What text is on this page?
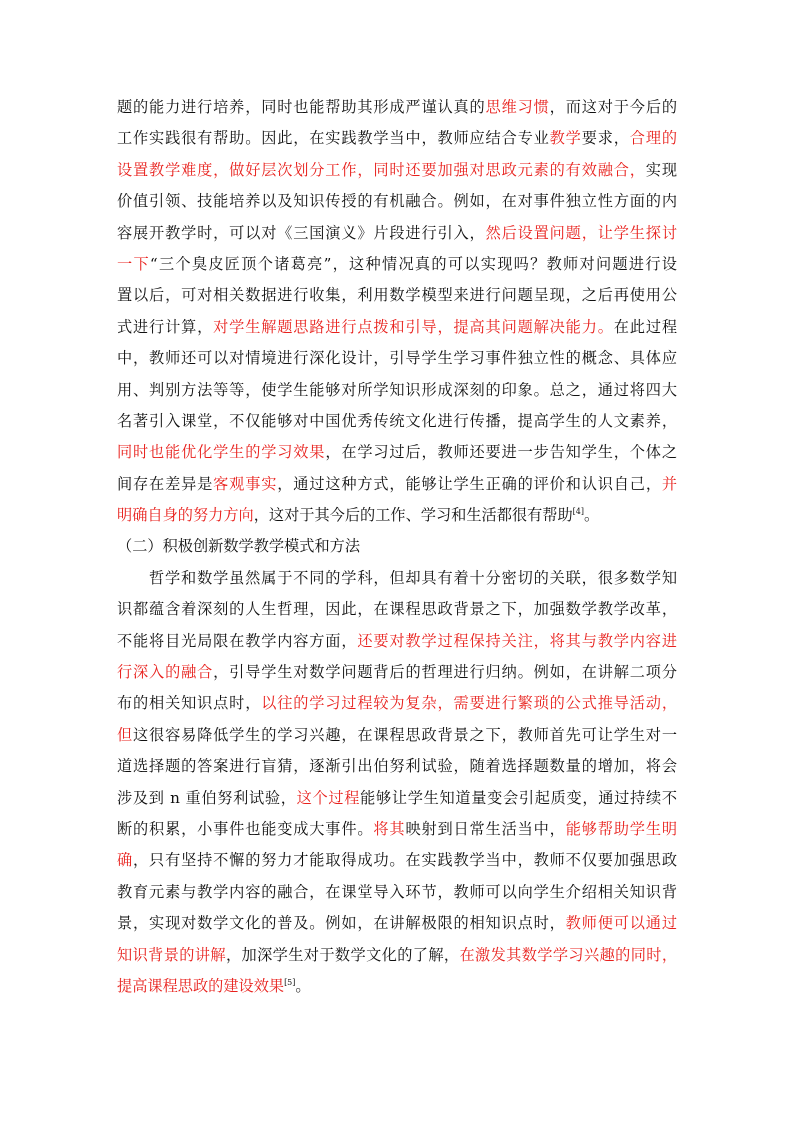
题的能力进行培养，同时也能帮助其形成严谨认真的思维习惯，而这对于今后的
工作实践很有帮助。因此，在实践教学当中，教师应结合专业教学要求，合理的
设置教学难度，做好层次划分工作，同时还要加强对思政元素的有效融合，实现
价值引领、技能培养以及知识传授的有机融合。例如，在对事件独立性方面的内
容展开教学时，可以对《三国演义》片段进行引入，然后设置问题，让学生探讨
一下“三个臭皮匠顶个诸葛亮”，这种情况真的可以实现吗？教师对问题进行设
置以后，可对相关数据进行收集，利用数学模型来进行问题呈现，之后再使用公
式进行计算，对学生解题思路进行点拨和引导，提高其问题解决能力。在此过程
中，教师还可以对情境进行深化设计，引导学生学习事件独立性的概念、具体应
用、判别方法等等，使学生能够对所学知识形成深刻的印象。总之，通过将四大
名著引入课堂，不仅能够对中国优秀传统文化进行传播，提高学生的人文素养，
同时也能优化学生的学习效果，在学习过后，教师还要进一步告知学生，个体之
间存在差异是客观事实，通过这种方式，能够让学生正确的评价和认识自己，并
明确自身的努力方向，这对于其今后的工作、学习和生活都很有帮助[4]。
（二）积极创新数学教学模式和方法
哲学和数学虽然属于不同的学科，但却具有着十分密切的关联，很多数学知
识都蕴含着深刻的人生哲理，因此，在课程思政背景之下，加强数学教学改革，
不能将目光局限在教学内容方面，还要对教学过程保持关注，将其与教学内容进
行深入的融合，引导学生对数学问题背后的哲理进行归纳。例如，在讲解二项分
布的相关知识点时，以往的学习过程较为复杂，需要进行繁琐的公式推导活动，
但这很容易降低学生的学习兴趣，在课程思政背景之下，教师首先可让学生对一
道选择题的答案进行盲猜，逐渐引出伯努利试验，随着选择题数量的增加，将会
涉及到 n 重伯努利试验，这个过程能够让学生知道量变会引起质变，通过持续不
断的积累，小事件也能变成大事件。将其映射到日常生活当中，能够帮助学生明
确，只有坚持不懈的努力才能取得成功。在实践教学当中，教师不仅要加强思政
教育元素与教学内容的融合，在课堂导入环节，教师可以向学生介绍相关知识背
景，实现对数学文化的普及。例如，在讲解极限的相知识点时，教师便可以通过
知识背景的讲解，加深学生对于数学文化的了解，在激发其数学学习兴趣的同时，
提高课程思政的建设效果[5]。
